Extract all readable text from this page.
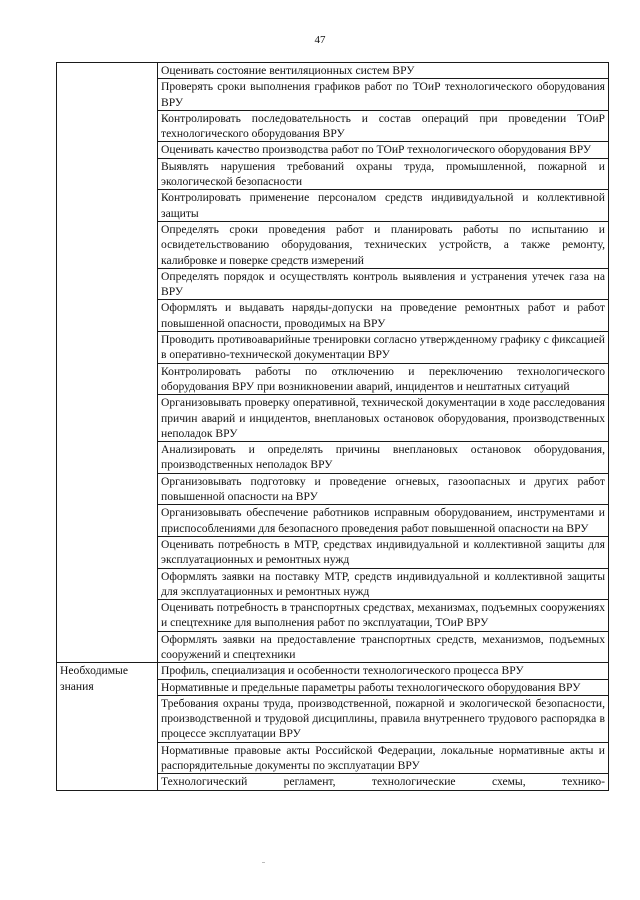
47
	Оценивать состояние вентиляционных систем ВРУ
	Проверять сроки выполнения графиков работ по ТОиР технологического оборудования ВРУ
	Контролировать последовательность и состав операций при проведении ТОиР технологического оборудования ВРУ
	Оценивать качество производства работ по ТОиР технологического оборудования ВРУ
	Выявлять нарушения требований охраны труда, промышленной, пожарной и экологической безопасности
	Контролировать применение персоналом средств индивидуальной и коллективной защиты
	Определять сроки проведения работ и планировать работы по испытанию и освидетельствованию оборудования, технических устройств, а также ремонту, калибровке и поверке средств измерений
	Определять порядок и осуществлять контроль выявления и устранения утечек газа на ВРУ
	Оформлять и выдавать наряды-допуски на проведение ремонтных работ и работ повышенной опасности, проводимых на ВРУ
	Проводить противоаварийные тренировки согласно утвержденному графику с фиксацией в оперативно-технической документации ВРУ
	Контролировать работы по отключению и переключению технологического оборудования ВРУ при возникновении аварий, инцидентов и нештатных ситуаций
	Организовывать проверку оперативной, технической документации в ходе расследования причин аварий и инцидентов, внеплановых остановок оборудования, производственных неполадок ВРУ
	Анализировать и определять причины внеплановых остановок оборудования, производственных неполадок ВРУ
	Организовывать подготовку и проведение огневых, газоопасных и других работ повышенной опасности на ВРУ
	Организовывать обеспечение работников исправным оборудованием, инструментами и приспособлениями для безопасного проведения работ повышенной опасности на ВРУ
	Оценивать потребность в МТР, средствах индивидуальной и коллективной защиты для эксплуатационных и ремонтных нужд
	Оформлять заявки на поставку МТР, средств индивидуальной и коллективной защиты для эксплуатационных и ремонтных нужд
	Оценивать потребность в транспортных средствах, механизмах, подъемных сооружениях и спецтехнике для выполнения работ по эксплуатации, ТОиР ВРУ
	Оформлять заявки на предоставление транспортных средств, механизмов, подъемных сооружений и спецтехники
Необходимые знания	Профиль, специализация и особенности технологического процесса ВРУ
	Нормативные и предельные параметры работы технологического оборудования ВРУ
	Требования охраны труда, производственной, пожарной и экологической безопасности, производственной и трудовой дисциплины, правила внутреннего трудового распорядка в процессе эксплуатации ВРУ
	Нормативные правовые акты Российской Федерации, локальные нормативные акты и распорядительные документы по эксплуатации ВРУ
	Технологический регламент, технологические схемы, технико-
